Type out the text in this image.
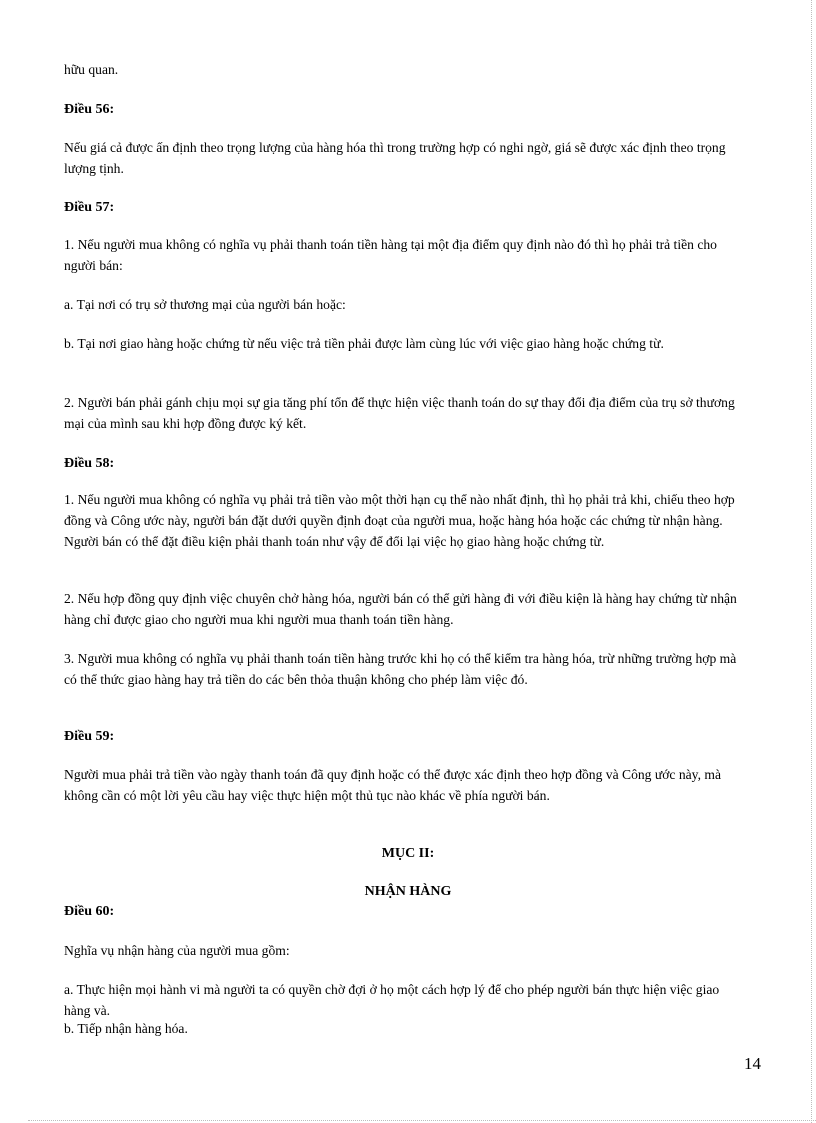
hữu quan.

Điều 56:

Nếu giá cả được ấn định theo trọng lượng của hàng hóa thì trong trường hợp có nghi ngờ, giá sẽ được xác định theo trọng lượng tịnh.

Điều 57:

1. Nếu người mua không có nghĩa vụ phải thanh toán tiền hàng tại một địa điểm quy định nào đó thì họ phải trả tiền cho người bán:

a. Tại nơi có trụ sở thương mại của người bán hoặc:

b. Tại nơi giao hàng hoặc chứng từ nếu việc trả tiền phải được làm cùng lúc với việc giao hàng hoặc chứng từ.

2. Người bán phải gánh chịu mọi sự gia tăng phí tổn để thực hiện việc thanh toán do sự thay đổi địa điểm của trụ sở thương mại của mình sau khi hợp đồng được ký kết.

Điều 58:

1. Nếu người mua không có nghĩa vụ phải trả tiền vào một thời hạn cụ thể nào nhất định, thì họ phải trả khi, chiếu theo hợp đồng và Công ước này, người bán đặt dưới quyền định đoạt của người mua, hoặc hàng hóa hoặc các chứng từ nhận hàng. Người bán có thể đặt điều kiện phải thanh toán như vậy để đổi lại việc họ giao hàng hoặc chứng từ.

2. Nếu hợp đồng quy định việc chuyên chở hàng hóa, người bán có thể gửi hàng đi với điều kiện là hàng hay chứng từ nhận hàng chỉ được giao cho người mua khi người mua thanh toán tiền hàng.

3. Người mua không có nghĩa vụ phải thanh toán tiền hàng trước khi họ có thể kiểm tra hàng hóa, trừ những trường hợp mà có thể thức giao hàng hay trả tiền do các bên thỏa thuận không cho phép làm việc đó.

Điều 59:

Người mua phải trả tiền vào ngày thanh toán đã quy định hoặc có thể được xác định theo hợp đồng và Công ước này, mà không cần có một lời yêu cầu hay việc thực hiện một thủ tục nào khác về phía người bán.

MỤC II:

NHẬN HÀNG

Điều 60:

Nghĩa vụ nhận hàng của người mua gồm:

a. Thực hiện mọi hành vi mà người ta có quyền chờ đợi ở họ một cách hợp lý để cho phép người bán thực hiện việc giao hàng và.

b. Tiếp nhận hàng hóa.

14
